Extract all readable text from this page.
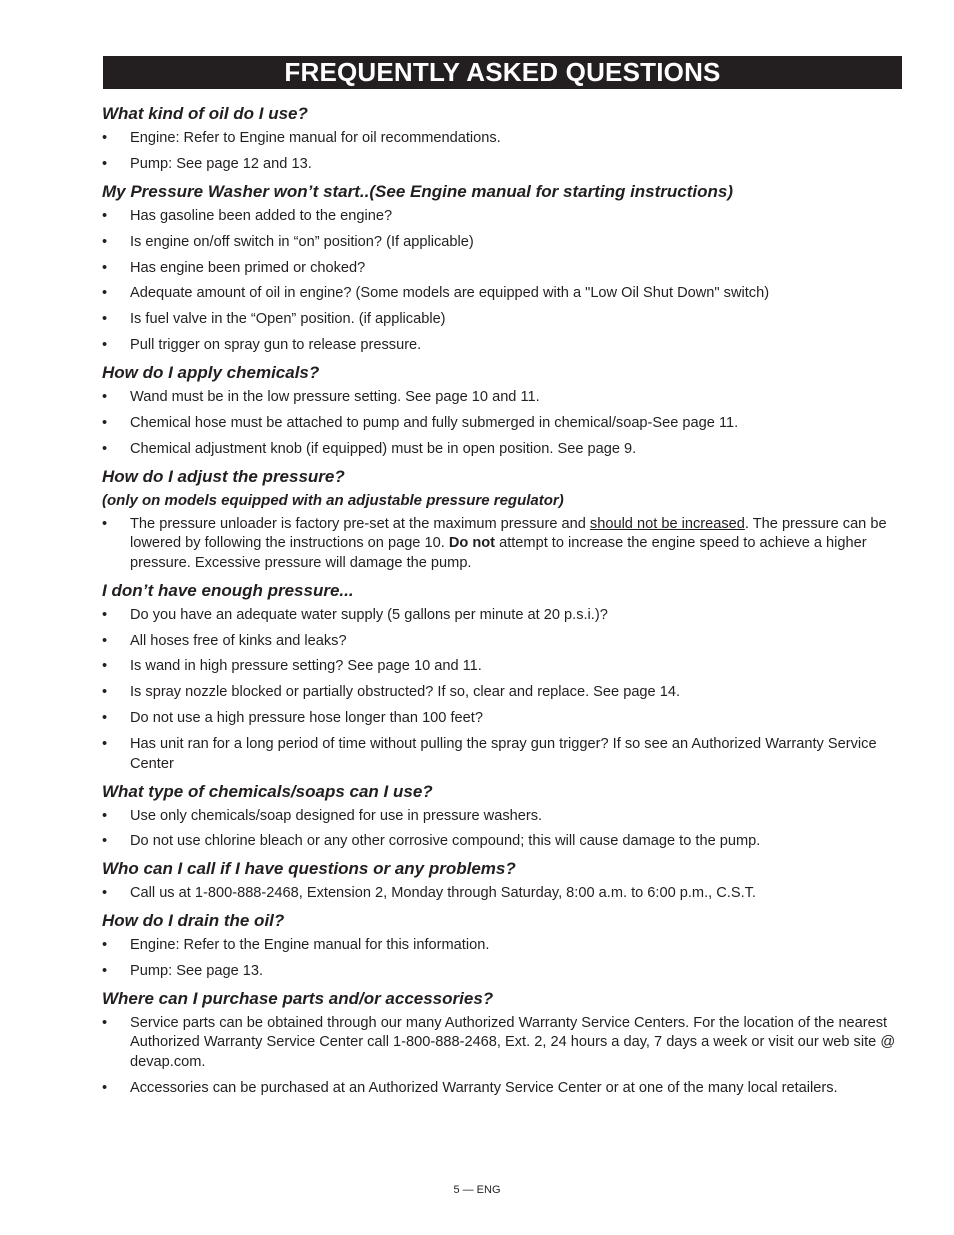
FREQUENTLY ASKED QUESTIONS

What kind of oil do I use?

• Engine: Refer to Engine manual for oil recommendations.
• Pump: See page 12 and 13.

My Pressure Washer won’t start..(See Engine manual for starting instructions)

• Has gasoline been added to the engine?
• Is engine on/off switch in “on” position? (If applicable)
• Has engine been primed or choked?
• Adequate amount of oil in engine? (Some models are equipped with a "Low Oil Shut Down" switch)
• Is fuel valve in the “Open” position. (if applicable)
• Pull trigger on spray gun to release pressure.

How do I apply chemicals?

• Wand must be in the low pressure setting. See page 10 and 11.
• Chemical hose must be attached to pump and fully submerged in chemical/soap-See page 11.
• Chemical adjustment knob (if equipped) must be in open position. See page 9.

How do I adjust the pressure?

(only on models equipped with an adjustable pressure regulator)

• The pressure unloader is factory pre-set at the maximum pressure and should not be increased. The pressure can be lowered by following the instructions on page 10. Do not attempt to increase the engine speed to achieve a higher pressure. Excessive pressure will damage the pump.

I don’t have enough pressure...

• Do you have an adequate water supply (5 gallons per minute at 20 p.s.i.)?
• All hoses free of kinks and leaks?
• Is wand in high pressure setting? See page 10 and 11.
• Is spray nozzle blocked or partially obstructed? If so, clear and replace. See page 14.
• Do not use a high pressure hose longer than 100 feet?
• Has unit ran for a long period of time without pulling the spray gun trigger? If so see an Authorized Warranty Service Center

What type of chemicals/soaps can I use?

• Use only chemicals/soap designed for use in pressure washers.
• Do not use chlorine bleach or any other corrosive compound; this will cause damage to the pump.

Who can I call if I have questions or any problems?

• Call us at 1-800-888-2468, Extension 2, Monday through Saturday, 8:00 a.m. to 6:00 p.m., C.S.T.

How do I drain the oil?

• Engine: Refer to the Engine manual for this information.
• Pump: See page 13.

Where can I purchase parts and/or accessories?

• Service parts can be obtained through our many Authorized Warranty Service Centers. For the location of the nearest Authorized Warranty Service Center call 1-800-888-2468, Ext. 2, 24 hours a day, 7 days a week or visit our web site @ devap.com.
• Accessories can be purchased at an Authorized Warranty Service Center or at one of the many local retailers.
5 — ENG
